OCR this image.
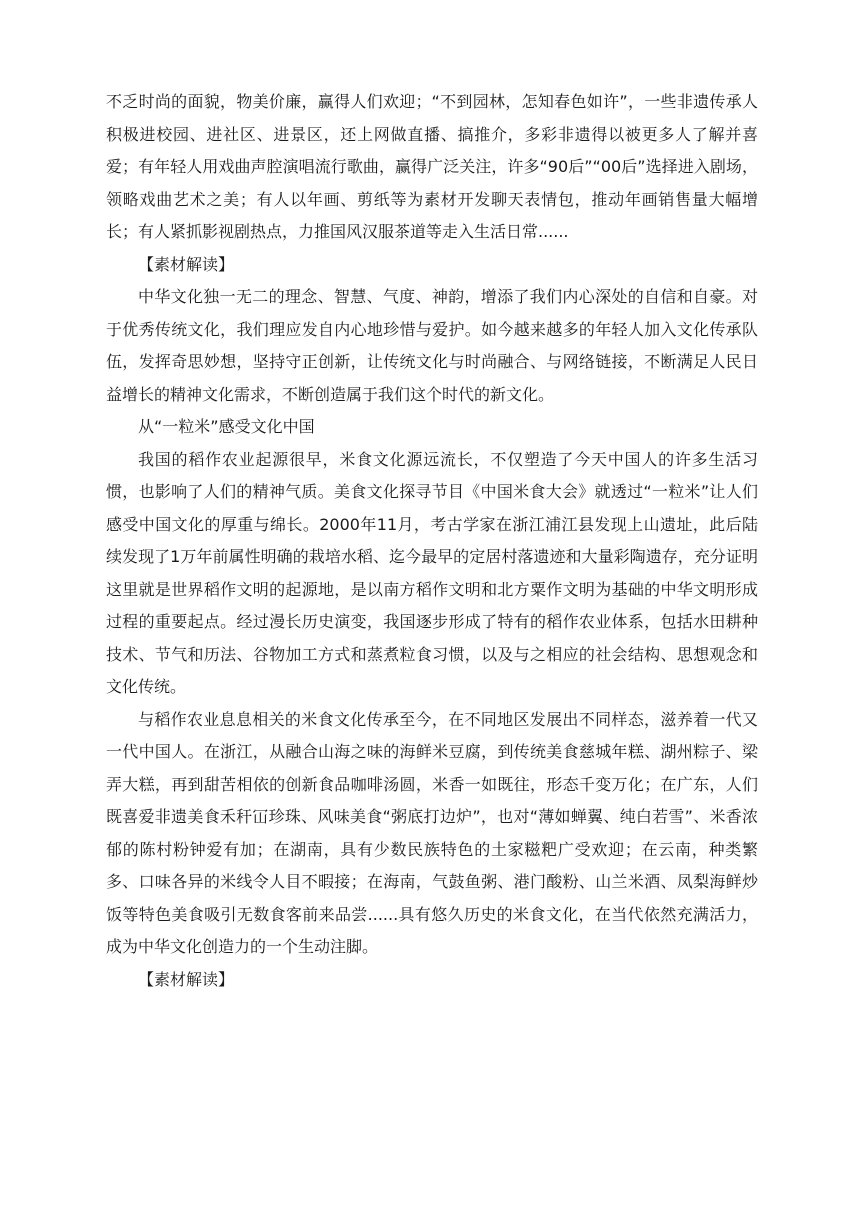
不乏时尚的面貌，物美价廉，赢得人们欢迎；“不到园林，怎知春色如许”，一些非遗传承人积极进校园、进社区、进景区，还上网做直播、搞推介，多彩非遗得以被更多人了解并喜爱；有年轻人用戏曲声腔演唱流行歌曲，赢得广泛关注，许多“90后”“00后”选择进入剧场，领略戏曲艺术之美；有人以年画、剪纸等为素材开发聊天表情包，推动年画销售量大幅增长；有人紧抓影视剧热点，力推国风汉服茶道等走入生活日常......

【素材解读】

中华文化独一无二的理念、智慧、气度、神韵，增添了我们内心深处的自信和自豪。对于优秀传统文化，我们理应发自内心地珍惜与爱护。如今越来越多的年轻人加入文化传承队伍，发挥奇思妙想，坚持守正创新，让传统文化与时尚融合、与网络链接，不断满足人民日益增长的精神文化需求，不断创造属于我们这个时代的新文化。

从“一粒米”感受文化中国

我国的稻作农业起源很早，米食文化源远流长，不仅塑造了今天中国人的许多生活习惯，也影响了人们的精神气质。美食文化探寻节目《中国米食大会》就透过“一粒米”让人们感受中国文化的厚重与绵长。2000年11月，考古学家在浙江浦江县发现上山遗址，此后陆续发现了1万年前属性明确的栽培水稻、迄今最早的定居村落遗迹和大量彩陶遗存，充分证明这里就是世界稻作文明的起源地，是以南方稻作文明和北方粟作文明为基础的中华文明形成过程的重要起点。经过漫长历史演变，我国逐步形成了特有的稻作农业体系，包括水田耕种技术、节气和历法、谷物加工方式和蒸煮粒食习惯，以及与之相应的社会结构、思想观念和文化传统。

与稻作农业息息相关的米食文化传承至今，在不同地区发展出不同样态，滋养着一代又一代中国人。在浙江，从融合山海之味的海鲜米豆腐，到传统美食慈城年糕、湖州粽子、梁弄大糕，再到甜苦相依的创新食品咖啡汤圆，米香一如既往，形态千变万化；在广东，人们既喜爱非遗美食禾秆冚珍珠、风味美食“粥底打边炉”，也对“薄如蝉翼、纯白若雪”、米香浓郁的陈村粉钟爱有加；在湖南，具有少数民族特色的土家糍粑广受欢迎；在云南，种类繁多、口味各异的米线令人目不暇接；在海南，气鼓鱼粥、港门酸粉、山兰米酒、凤梨海鲜炒饭等特色美食吸引无数食客前来品尝......具有悠久历史的米食文化，在当代依然充满活力，成为中华文化创造力的一个生动注脚。

【素材解读】
